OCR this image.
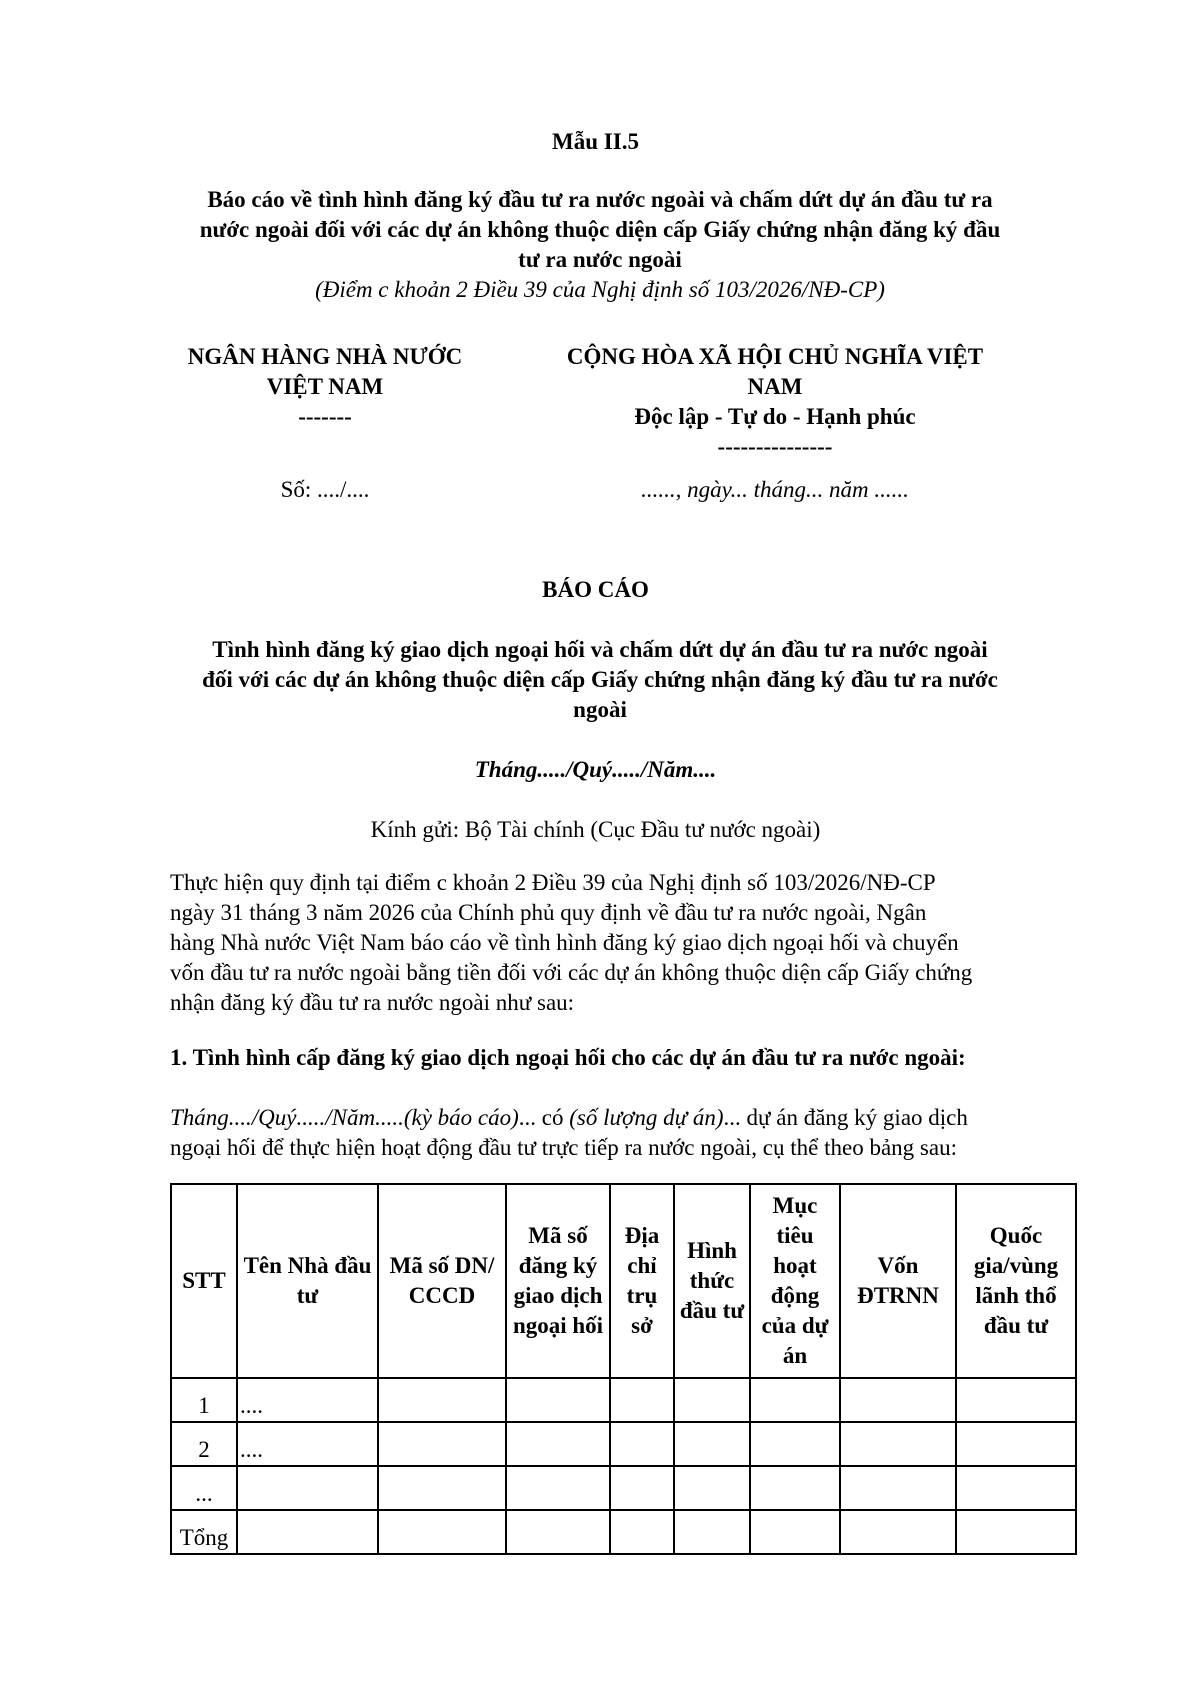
Mẫu II.5
Báo cáo về tình hình đăng ký đầu tư ra nước ngoài và chấm dứt dự án đầu tư ra
nước ngoài đối với các dự án không thuộc diện cấp Giấy chứng nhận đăng ký đầu
tư ra nước ngoài
(Điểm c khoản 2 Điều 39 của Nghị định số 103/2026/NĐ-CP)
NGÂN HÀNG NHÀ NƯỚC
VIỆT NAM
-------
CỘNG HÒA XÃ HỘI CHỦ NGHĨA VIỆT
NAM
Độc lập - Tự do - Hạnh phúc
---------------
Số: ..../....	......, ngày... tháng... năm ......
BÁO CÁO
Tình hình đăng ký giao dịch ngoại hối và chấm dứt dự án đầu tư ra nước ngoài
đối với các dự án không thuộc diện cấp Giấy chứng nhận đăng ký đầu tư ra nước
ngoài
Tháng...../Quý...../Năm....
Kính gửi: Bộ Tài chính (Cục Đầu tư nước ngoài)
Thực hiện quy định tại điểm c khoản 2 Điều 39 của Nghị định số 103/2026/NĐ-CP
ngày 31 tháng 3 năm 2026 của Chính phủ quy định về đầu tư ra nước ngoài, Ngân
hàng Nhà nước Việt Nam báo cáo về tình hình đăng ký giao dịch ngoại hối và chuyển
vốn đầu tư ra nước ngoài bằng tiền đối với các dự án không thuộc diện cấp Giấy chứng
nhận đăng ký đầu tư ra nước ngoài như sau:
1. Tình hình cấp đăng ký giao dịch ngoại hối cho các dự án đầu tư ra nước ngoài:
Tháng..../Quý...../Năm.....(kỳ báo cáo)... có (số lượng dự án)... dự án đăng ký giao dịch
ngoại hối để thực hiện hoạt động đầu tư trực tiếp ra nước ngoài, cụ thể theo bảng sau:
STT	Tên Nhà đầu tư	Mã số DN/ CCCD	Mã số đăng ký giao dịch ngoại hối	Địa chỉ trụ sở	Hình thức đầu tư	Mục tiêu hoạt động của dự án	Vốn ĐTRNN	Quốc gia/vùng lãnh thổ đầu tư
1	....							
2	....							
...								
Tổng								
